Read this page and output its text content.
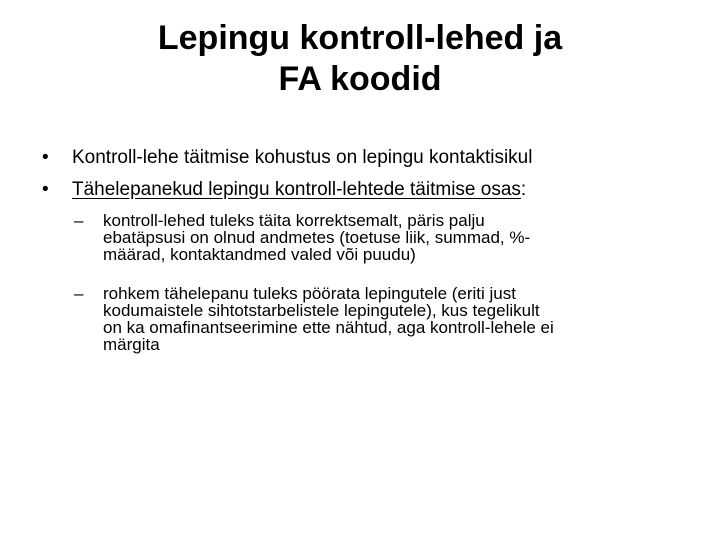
Lepingu kontroll-lehed ja
FA koodid
• Kontroll-lehe täitmise kohustus on lepingu kontaktisikul
• Tähelepanekud lepingu kontroll-lehtede täitmise osas:
– kontroll-lehed tuleks täita korrektsemalt, päris palju
ebatäpsusi on olnud andmetes (toetuse liik, summad, %-
määrad, kontaktandmed valed või puudu)
– rohkem tähelepanu tuleks pöörata lepingutele (eriti just
kodumaistele sihtotstarbelistele lepingutele), kus tegelikult
on ka omafinantseerimine ette nähtud, aga kontroll-lehele ei
märgita
